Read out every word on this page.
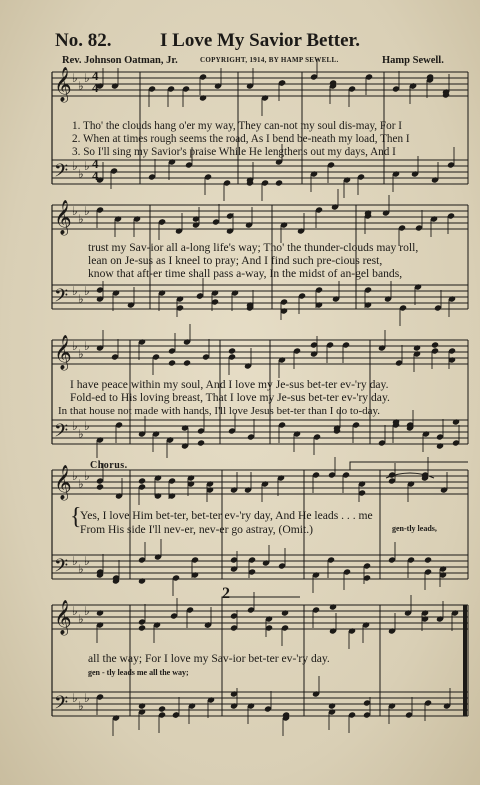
No. 82.	I Love My Savior Better.
Rev. Johnson Oatman, Jr.	COPYRIGHT, 1914, BY HAMP SEWELL.	Hamp Sewell.
𝄞 ♭
♭
♭
𝄢 ♭
♭
♭
𝄞 ♭
♭
♭
𝄢 ♭
♭
♭
𝄞 ♭
♭
♭
𝄢 ♭
♭
♭
𝄞 ♭
♭
♭
𝄢 ♭
♭
♭
𝄞 ♭
♭
♭
𝄢 ♭
♭
♭
4
4
4
4
1. Tho' the clouds hang o'er my way, They can-not my soul dis-may, For I
2. When at times rough seems the road, As I bend be-neath my load, Then I
3. So I'll sing my Savior's praise While He lengthens out my days, And I
trust my Sav-ior all a-long life's way; Tho' the thunder-clouds may roll,
lean on Je-sus as I kneel to pray; And I find such pre-cious rest,
know that aft-er time shall pass a-way, In the midst of an-gel bands,
I have peace within my soul, And I love my Je-sus bet-ter ev-'ry day.
Fold-ed to His loving breast, That I love my Je-sus bet-ter ev-'ry day.
In that house not made with hands, I'll love Jesus bet-ter than I do to-day.
Chorus.
{
Yes, I love Him bet-ter, bet-ter ev-'ry day, And He leads . . . me
From His side I'll nev-er, nev-er go astray, (Omit.)	gen-tly leads,
2
all the way; For I love my Sav-ior bet-ter ev-'ry day.
gen - tly leads me all the way;
